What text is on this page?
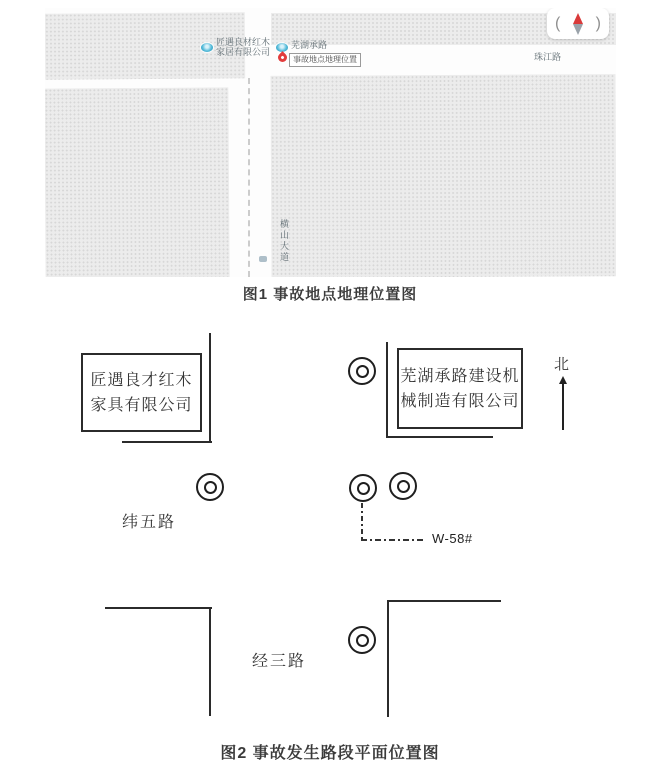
匠遇良材红木
家居有限公司
芜湖承路
事故地点地理位置	珠江路
横山大道
( )
图1 事故地点地理位置图
匠遇良才红木
家具有限公司
芜湖承路建设机
械制造有限公司
北
W-58#
纬五路
经三路
图2 事故发生路段平面位置图
